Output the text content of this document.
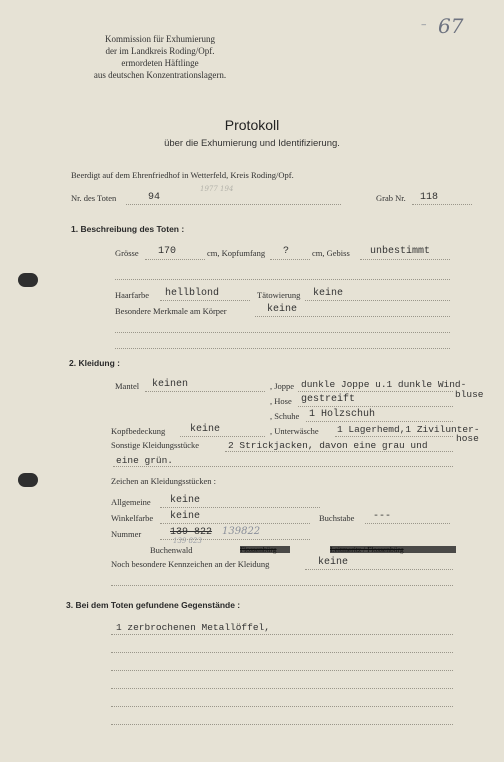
– 67
Kommission für Exhumierung
der im Landkreis Roding/Opf.
ermordeten Häftlinge
aus deutschen Konzentrationslagern.
Protokoll
über die Exhumierung und Identifizierung.
Beerdigt auf dem Ehrenfriedhof in Wetterfeld, Kreis Roding/Opf.
Nr. des Toten	94
1977 194
Grab Nr. 118
1. Beschreibung des Toten :
Grösse 170	cm, Kopfumfang ?	cm, Gebiss unbestimmt
Haarfarbe hellblond	Tätowierung keine
Besondere Merkmale am Körper	keine
2. Kleidung :
Mantel keinen	, Joppe dunkle Joppe u.1 dunkle Wind-
bluse
, Hose gestreift
, Schuhe 1 Holzschuh
Kopfbedeckung keine	, Unterwäsche 1 Lagerhemd,1 Zivilunter-
hose
Sonstige Kleidungsstücke	2 Strickjacken, davon eine grau und
eine grün.
Zeichen an Kleidungsstücken :
Allgemeine keine
Winkelfarbe keine	Buchstabe ---
Nummer	139 822 139822
139 823
Buchenwald	Flossenbürg	Leitmeritz / Flossenbürg
Noch besondere Kennzeichen an der Kleidung	keine
3. Bei dem Toten gefundene Gegenstände :
1 zerbrochenen Metallöffel,
